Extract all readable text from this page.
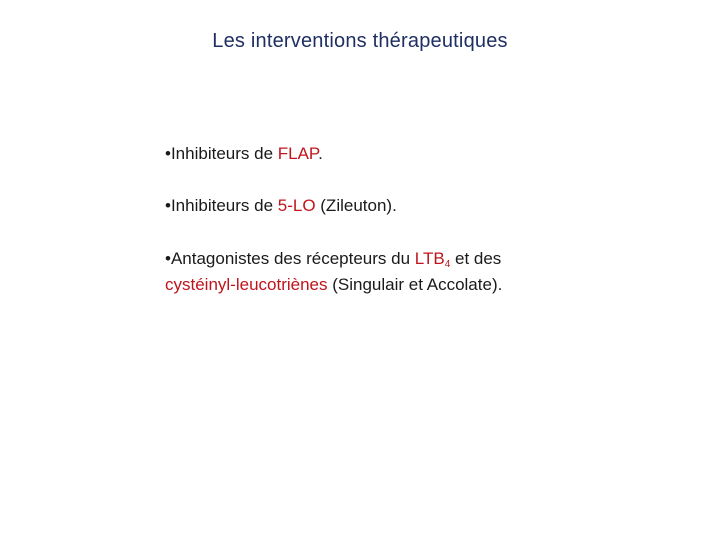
Les interventions thérapeutiques
•Inhibiteurs de FLAP.
•Inhibiteurs de 5-LO (Zileuton).
•Antagonistes des récepteurs du $LTB_4$ et des
cystéinyl-leucotriènes (Singulair et Accolate).
